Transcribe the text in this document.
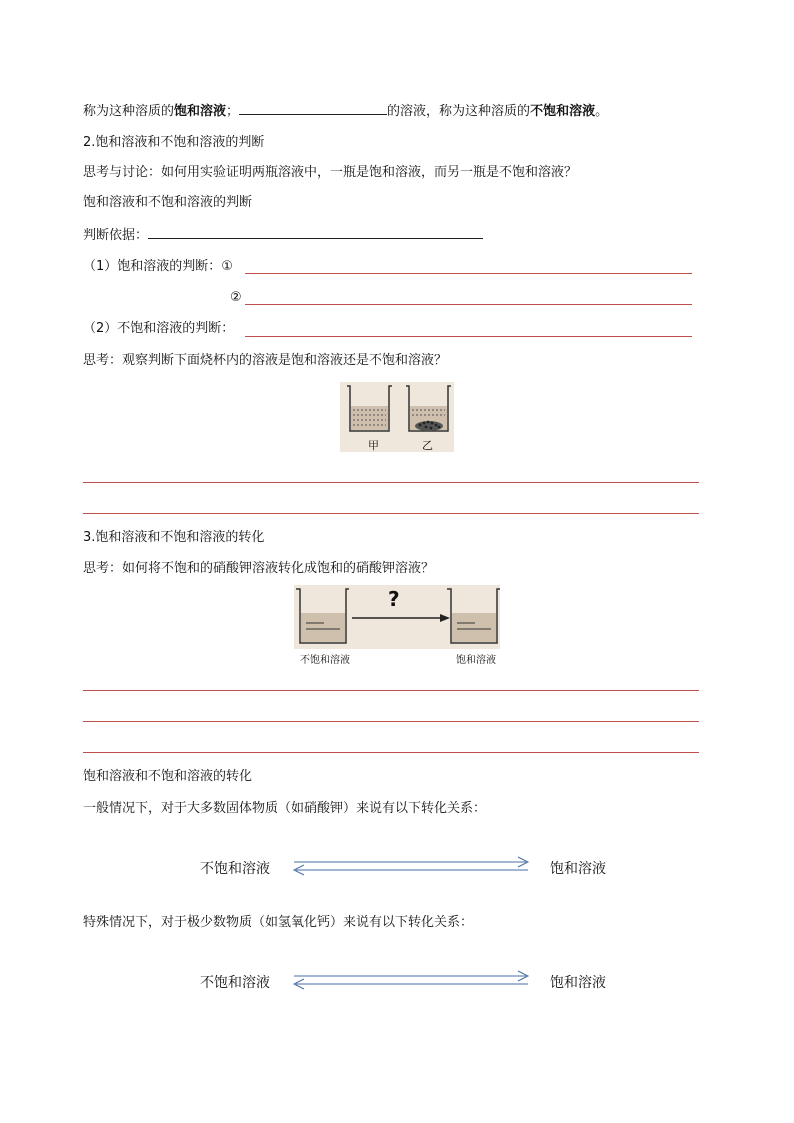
称为这种溶质的饱和溶液；	的溶液，称为这种溶质的不饱和溶液。
2.饱和溶液和不饱和溶液的判断
思考与讨论：如何用实验证明两瓶溶液中，一瓶是饱和溶液，而另一瓶是不饱和溶液？
饱和溶液和不饱和溶液的判断
判断依据：
（1）饱和溶液的判断：①
②
（2）不饱和溶液的判断：
思考：观察判断下面烧杯内的溶液是饱和溶液还是不饱和溶液？
甲	乙
3.饱和溶液和不饱和溶液的转化
思考：如何将不饱和的硝酸钾溶液转化成饱和的硝酸钾溶液？
?
不饱和溶液	饱和溶液
饱和溶液和不饱和溶液的转化
一般情况下，对于大多数固体物质（如硝酸钾）来说有以下转化关系：
不饱和溶液	饱和溶液
特殊情况下，对于极少数物质（如氢氧化钙）来说有以下转化关系：
不饱和溶液	饱和溶液
